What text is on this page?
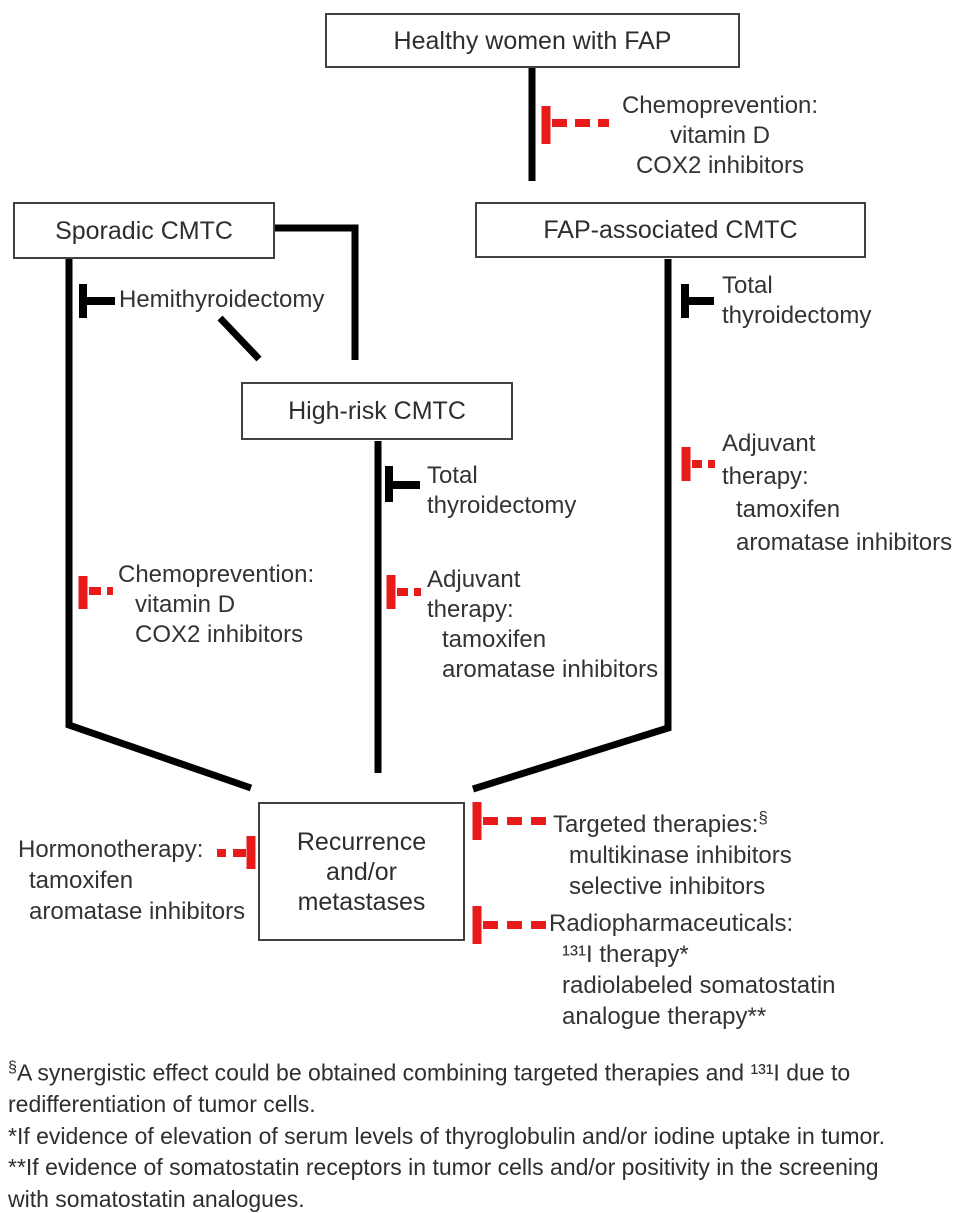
Healthy women with FAP
Sporadic CMTC	FAP-associated CMTC
High-risk CMTC
Recurrence
and/or
metastases
Chemoprevention:
vitamin D
COX2 inhibitors
Hemithyroidectomy
Total
thyroidectomy
Total
thyroidectomy
Chemoprevention:
vitamin D
COX2 inhibitors
Adjuvant
therapy:
tamoxifen
aromatase inhibitors
Adjuvant
therapy:
tamoxifen
aromatase inhibitors
Hormonotherapy:
tamoxifen
aromatase inhibitors
Targeted therapies:§
multikinase inhibitors
selective inhibitors
Radiopharmaceuticals:
¹³¹I therapy*
radiolabeled somatostatin
analogue therapy**
§A synergistic effect could be obtained combining targeted therapies and ¹³¹I due to
redifferentiation of tumor cells.
*If evidence of elevation of serum levels of thyroglobulin and/or iodine uptake in tumor.
**If evidence of somatostatin receptors in tumor cells and/or positivity in the screening
with somatostatin analogues.
